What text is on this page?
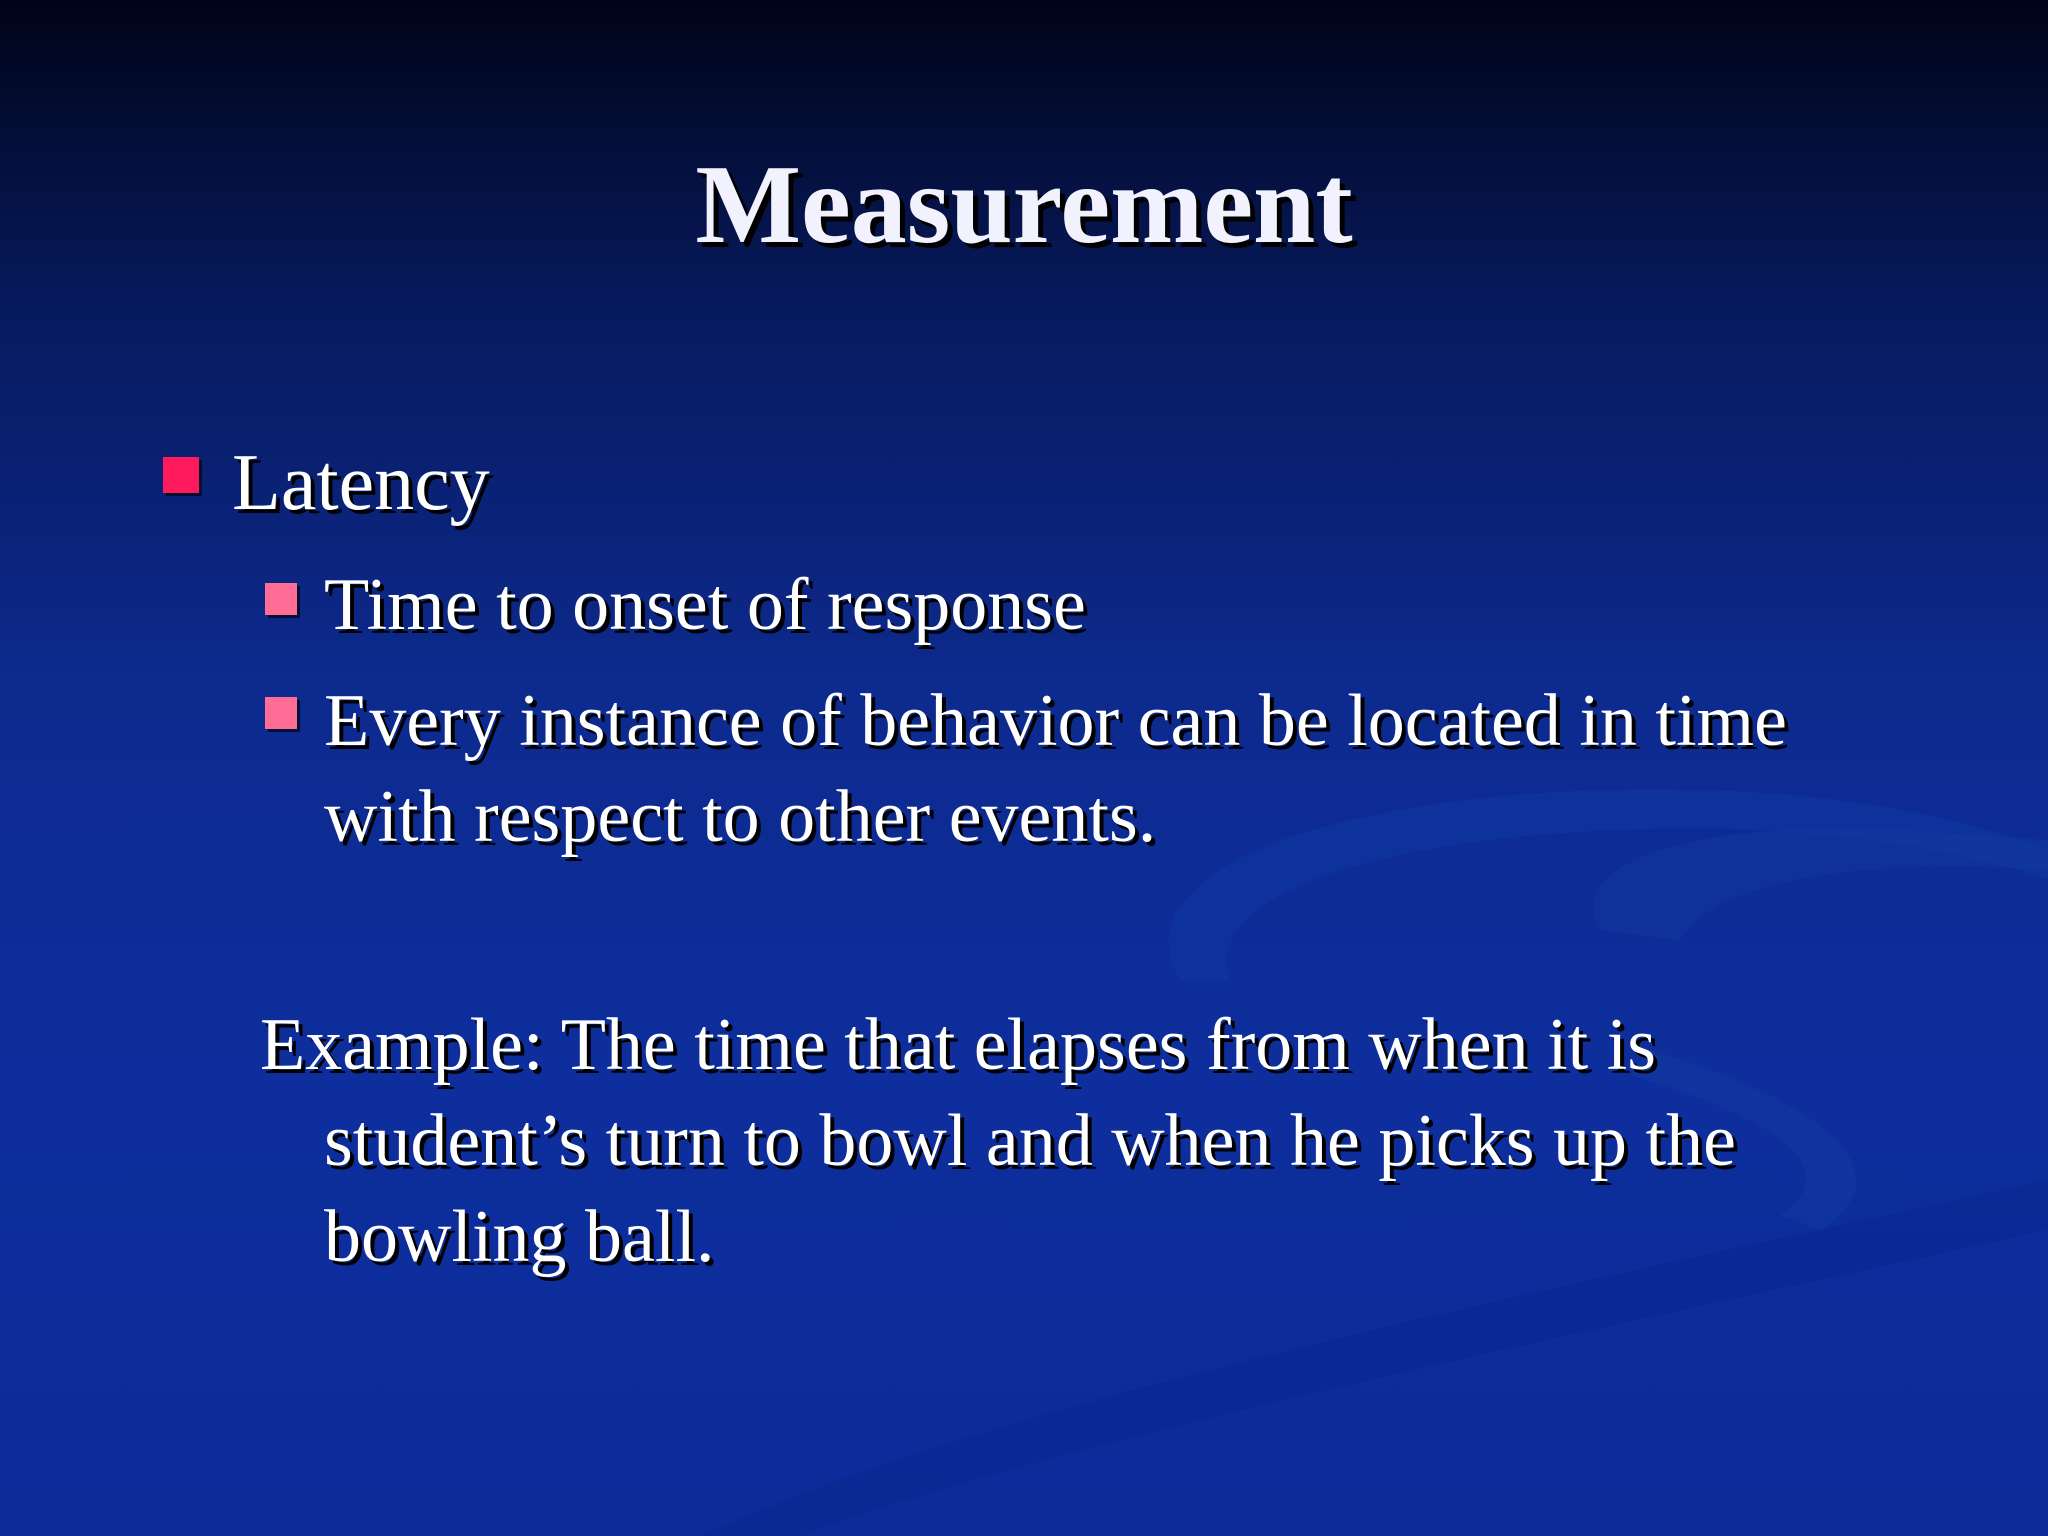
Measurement
Latency
Time to onset of response
Every instance of behavior can be located in time
with respect to other events.
Example: The time that elapses from when it is
student’s turn to bowl and when he picks up the
bowling ball.
